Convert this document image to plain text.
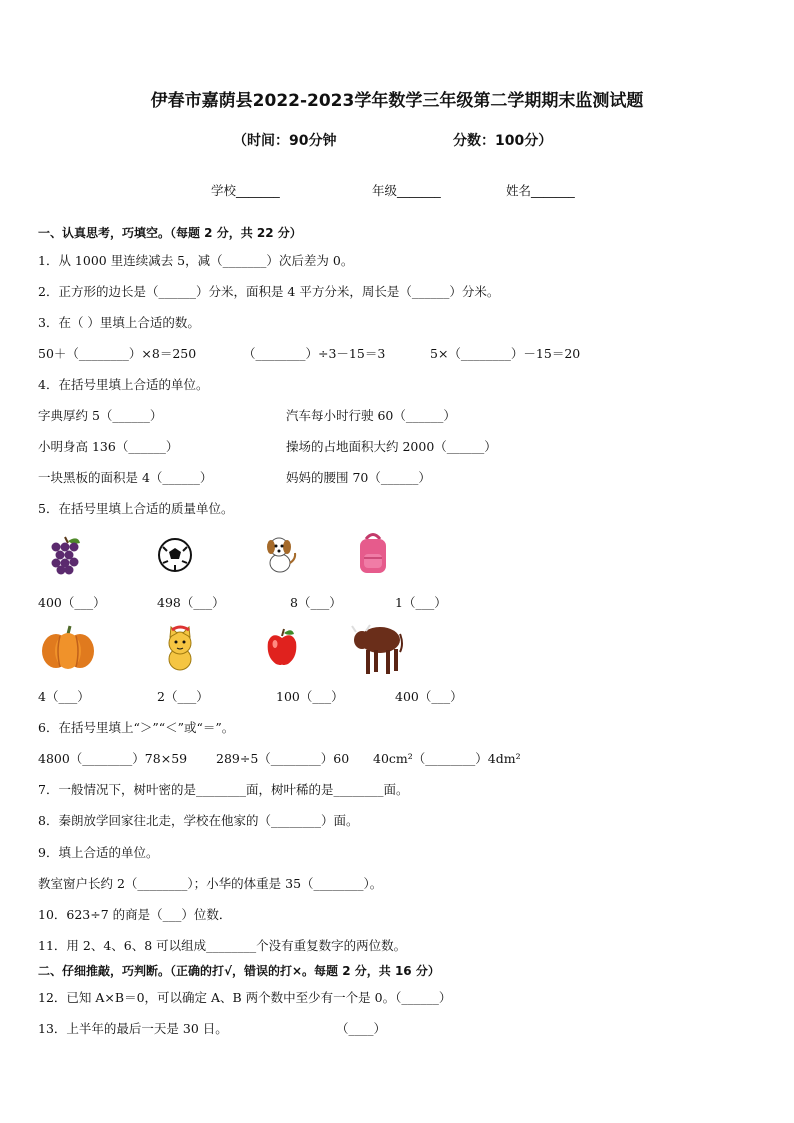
伊春市嘉荫县2022-2023学年数学三年级第二学期期末监测试题
（时间：90分钟	分数：100分）
学校_______	年级_______	姓名_______
一、认真思考，巧填空。（每题 2 分，共 22 分）
1．从 1000 里连续减去 5，减（_______）次后差为 0。
2．正方形的边长是（______）分米，面积是 4 平方分米，周长是（______）分米。
3．在（ ）里填上合适的数。
50＋（________）×8＝250	（________）÷3－15＝3	5×（________）－15＝20
4．在括号里填上合适的单位。
字典厚约 5（______）	汽车每小时行驶 60（______）
小明身高 136（______）	操场的占地面积大约 2000（______）
一块黑板的面积是 4（______）	妈妈的腰围 70（______）
5．在括号里填上合适的质量单位。
400（___）	498（___）	8（___）	1（___）
4（___）	2（___）	100（___）	400（___）
6．在括号里填上“＞”“＜”或“＝”。
4800（________）78×59 289÷5（________）60 40cm²（________）4dm²
7．一般情况下，树叶密的是________面，树叶稀的是________面。
8．秦朗放学回家往北走，学校在他家的（________）面。
9．填上合适的单位。
教室窗户长约 2（________）；小华的体重是 35（________）。
10．623÷7 的商是（___）位数．
11．用 2、4、6、8 可以组成________个没有重复数字的两位数。
二、仔细推敲，巧判断。（正确的打√，错误的打×。每题 2 分，共 16 分）
12．已知 A×B＝0，可以确定 A、B 两个数中至少有一个是 0。（______）
13．上半年的最后一天是 30 日。	（____）
